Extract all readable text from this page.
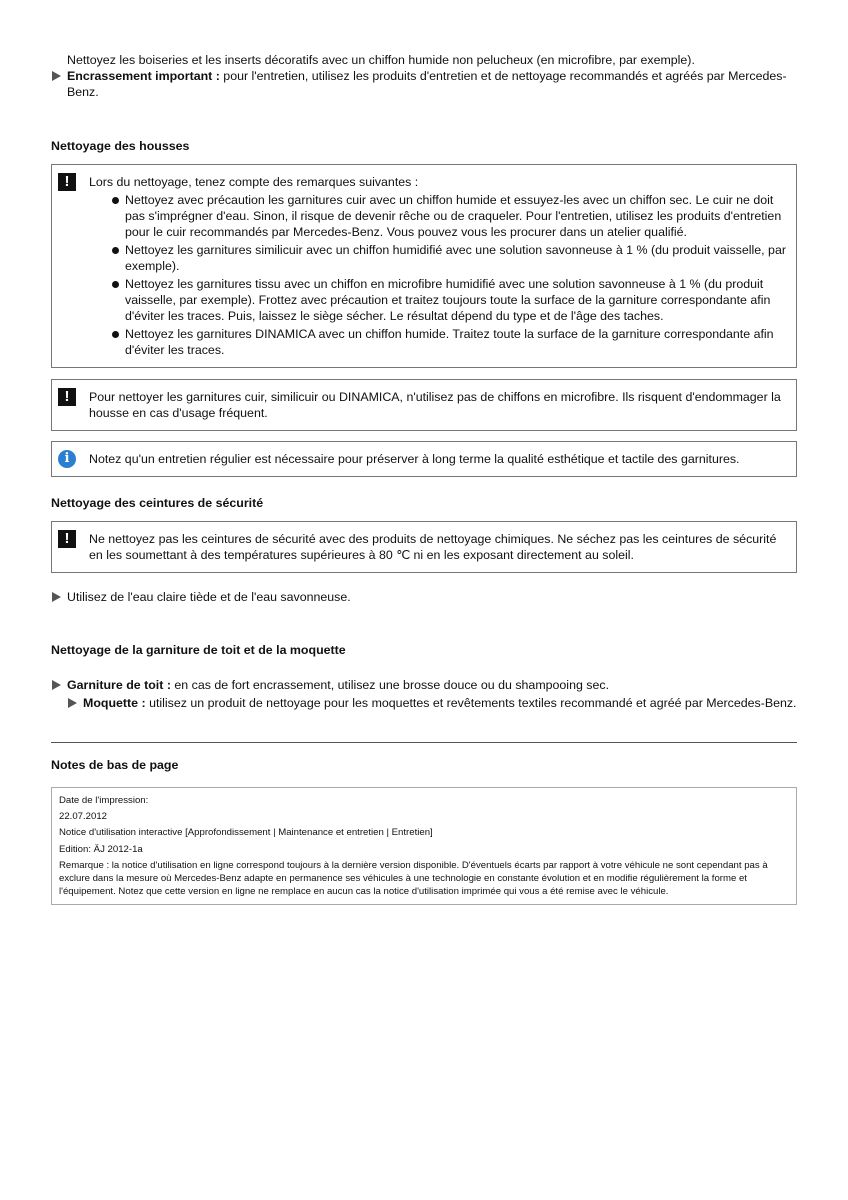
Nettoyez les boiseries et les inserts décoratifs avec un chiffon humide non pelucheux (en microfibre, par exemple).

Encrassement important : pour l'entretien, utilisez les produits d'entretien et de nettoyage recommandés et agréés par Mercedes-Benz.

Nettoyage des housses
!	Lors du nettoyage, tenez compte des remarques suivantes :

Nettoyez avec précaution les garnitures cuir avec un chiffon humide et essuyez-les avec un chiffon sec. Le cuir ne doit pas s'imprégner d'eau. Sinon, il risque de devenir rêche ou de craqueler. Pour l'entretien, utilisez les produits d'entretien pour le cuir recommandés par Mercedes-Benz. Vous pouvez vous les procurer dans un atelier qualifié.
Nettoyez les garnitures similicuir avec un chiffon humidifié avec une solution savonneuse à 1 % (du produit vaisselle, par exemple).
Nettoyez les garnitures tissu avec un chiffon en microfibre humidifié avec une solution savonneuse à 1 % (du produit vaisselle, par exemple). Frottez avec précaution et traitez toujours toute la surface de la garniture correspondante afin d'éviter les traces. Puis, laissez le siège sécher. Le résultat dépend du type et de l'âge des taches.
Nettoyez les garnitures DINAMICA avec un chiffon humide. Traitez toute la surface de la garniture correspondante afin d'éviter les traces.
!	Pour nettoyer les garnitures cuir, similicuir ou DINAMICA, n'utilisez pas de chiffons en microfibre. Ils risquent d'endommager la housse en cas d'usage fréquent.

i	Notez qu'un entretien régulier est nécessaire pour préserver à long terme la qualité esthétique et tactile des garnitures.

Nettoyage des ceintures de sécurité
!	Ne nettoyez pas les ceintures de sécurité avec des produits de nettoyage chimiques. Ne séchez pas les ceintures de sécurité en les soumettant à des températures supérieures à 80 ℃ ni en les exposant directement au soleil.

Utilisez de l'eau claire tiède et de l'eau savonneuse.

Nettoyage de la garniture de toit et de la moquette

Garniture de toit : en cas de fort encrassement, utilisez une brosse douce ou du shampooing sec.

Moquette : utilisez un produit de nettoyage pour les moquettes et revêtements textiles recommandé et agréé par Mercedes-Benz.

Notes de bas de page

Date de l'impression:

22.07.2012

Notice d'utilisation interactive [Approfondissement | Maintenance et entretien | Entretien]

Edition: ÄJ 2012-1a

Remarque : la notice d'utilisation en ligne correspond toujours à la dernière version disponible. D'éventuels écarts par rapport à votre véhicule ne sont cependant pas à exclure dans la mesure où Mercedes-Benz adapte en permanence ses véhicules à une technologie en constante évolution et en modifie régulièrement la forme et l'équipement. Notez que cette version en ligne ne remplace en aucun cas la notice d'utilisation imprimée qui vous a été remise avec le véhicule.
